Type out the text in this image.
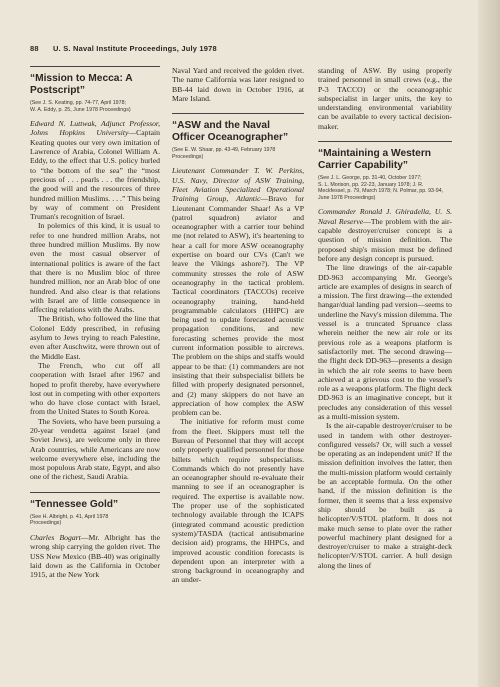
88 U. S. Naval Institute Proceedings, July 1978
“Mission to Mecca: A Postscript”
(See J. S. Keating, pp. 74-77, April 1978;
W. A. Eddy, p. 25, June 1978 Proceedings)

Edward N. Luttwak, Adjunct Professor, Johns Hopkins University—Captain Keating quotes our very own imitation of Lawrence of Arabia, Colonel William A. Eddy, to the effect that U.S. policy hurled to “the bottom of the sea” the “most precious of . . . pearls . . . the friendship, the good will and the resources of three hundred million Muslims. . . .” This being by way of comment on President Truman's recognition of Israel.

In polemics of this kind, it is usual to refer to one hundred million Arabs, not three hundred million Muslims. By now even the most casual observer of international politics is aware of the fact that there is no Muslim bloc of three hundred million, nor an Arab bloc of one hundred. And also clear is that relations with Israel are of little consequence in affecting relations with the Arabs.

The British, who followed the line that Colonel Eddy prescribed, in refusing asylum to Jews trying to reach Palestine, even after Auschwitz, were thrown out of the Middle East.

The French, who cut off all cooperation with Israel after 1967 and hoped to profit thereby, have everywhere lost out in competing with other exporters who do have close contact with Israel, from the United States to South Korea.

The Soviets, who have been pursuing a 20-year vendetta against Israel (and Soviet Jews), are welcome only in three Arab countries, while Americans are now welcome everywhere else, including the most populous Arab state, Egypt, and also one of the richest, Saudi Arabia.

“Tennessee Gold”
(See H. Albright, p. 41, April 1978
Proceedings)

Charles Bogart—Mr. Albright has the wrong ship carrying the golden rivet. The USS New Mexico (BB-40) was originally laid down as the California in October 1915, at the New York

Naval Yard and received the golden rivet. The name California was later resigned to BB-44 laid down in October 1916, at Mare Island.

“ASW and the Naval Officer Oceanographer”
(See E. W. Shaar, pp. 43-49, February 1978
Proceedings)

Lieutenant Commander T. W. Perkins, U.S. Navy, Director of ASW Training, Fleet Aviation Specialized Operational Training Group, Atlantic—Bravo for Lieutenant Commander Shaar! As a VP (patrol squadron) aviator and oceanographer with a carrier tour behind me (not related to ASW), it's heartening to hear a call for more ASW oceanography expertise on board our CVs (Can't we leave the Vikings ashore?). The VP community stresses the role of ASW oceanography in the tactical problem. Tactical coordinators (TACCOs) receive oceanography training, hand-held programmable calculators (HHPC) are being used to update forecasted acoustic propagation conditions, and new forecasting schemes provide the most current information possible to aircrews. The problem on the ships and staffs would appear to be that: (1) commanders are not insisting that their subspecialist billets be filled with properly designated personnel, and (2) many skippers do not have an appreciation of how complex the ASW problem can be.

The initiative for reform must come from the fleet. Skippers must tell the Bureau of Personnel that they will accept only properly qualified personnel for those billets which require subspecialists. Commands which do not presently have an oceanographer should re-evaluate their manning to see if an oceanographer is required. The expertise is available now. The proper use of the sophisticated technology available through the ICAPS (integrated command acoustic prediction system)/TASDA (tactical antisubmarine decision aid) programs, the HHPCs, and improved acoustic condition forecasts is dependent upon an interpreter with a strong background in oceanography and an under-

standing of ASW. By using properly trained personnel in small crews (e.g., the P-3 TACCO) or the oceanographic subspecialist in larger units, the key to understanding environmental variability can be available to every tactical decision-maker.

“Maintaining a Western Carrier Capability”
(See J. L. George, pp. 31-40, October 1977;
S. L. Morison, pp. 22-23, January 1978; J. R. Meckfessel, p. 79, March 1978; N. Polmar, pp. 93-94, June 1978 Proceedings)

Commander Ronald J. Ghiradella, U. S. Naval Reserve—The problem with the air-capable destroyer/cruiser concept is a question of mission definition. The proposed ship's mission must be defined before any design concept is pursued.

The line drawings of the air-capable DD-963 accompanying Mr. George's article are examples of designs in search of a mission. The first drawing—the extended hangar/dual landing pad version—seems to underline the Navy's mission dilemma. The vessel is a truncated Spruance class wherein neither the new air role or its previous role as a weapons platform is satisfactorily met. The second drawing—the flight deck DD-963—presents a design in which the air role seems to have been achieved at a grievous cost to the vessel's role as a weapons platform. The flight deck DD-963 is an imaginative concept, but it precludes any consideration of this vessel as a multi-mission system.

Is the air-capable destroyer/cruiser to be used in tandem with other destroyer-configured vessels? Or, will such a vessel be operating as an independent unit? If the mission definition involves the latter, then the multi-mission platform would certainly be an acceptable formula. On the other hand, if the mission definition is the former, then it seems that a less expensive ship should be built as a helicopter/V/STOL platform. It does not make much sense to plate over the rather powerful machinery plant designed for a destroyer/cruiser to make a straight-deck helicopter/V/STOL carrier. A hull design along the lines of
